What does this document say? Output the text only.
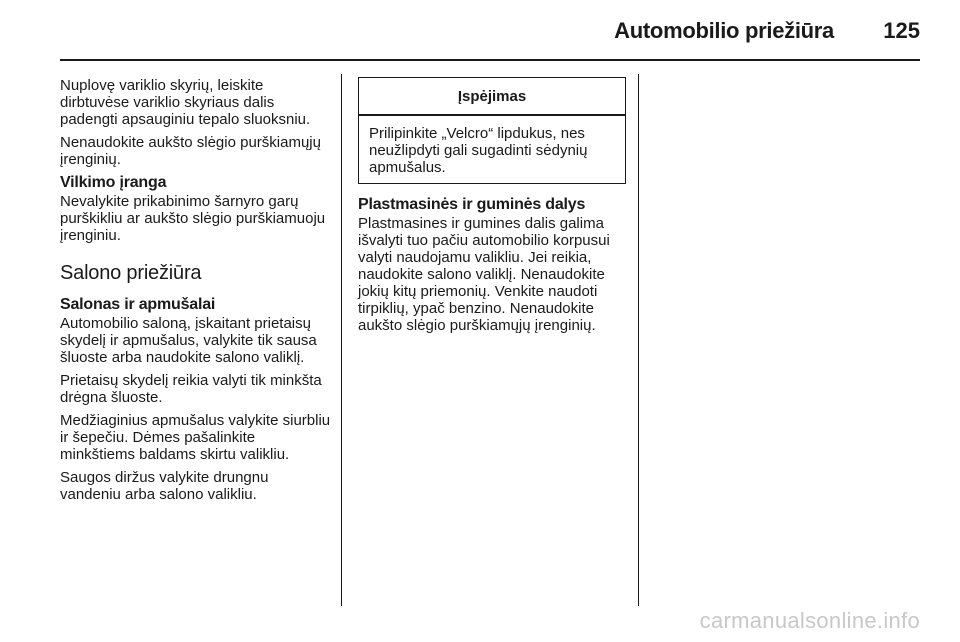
Automobilio priežiūra 125

Nuplovę variklio skyrių, leiskite dirbtuvėse variklio skyriaus dalis padengti apsauginiu tepalo sluoksniu.

Nenaudokite aukšto slėgio purškiamųjų įrenginių.

Vilkimo įranga

Nevalykite prikabinimo šarnyro garų purškikliu ar aukšto slėgio purškiamuoju įrenginiu.

Salono priežiūra
Salonas ir apmušalai

Automobilio saloną, įskaitant prietaisų skydelį ir apmušalus, valykite tik sausa šluoste arba naudokite salono valiklį.

Prietaisų skydelį reikia valyti tik minkšta drėgna šluoste.

Medžiaginius apmušalus valykite siurbliu ir šepečiu. Dėmes pašalinkite minkštiems baldams skirtu valikliu.

Saugos diržus valykite drungnu vandeniu arba salono valikliu.

Įspėjimas
Prilipinkite „Velcro“ lipdukus, nes neužlipdyti gali sugadinti sėdynių apmušalus.
Plastmasinės ir guminės dalys

Plastmasines ir gumines dalis galima išvalyti tuo pačiu automobilio korpusui valyti naudojamu valikliu. Jei reikia, naudokite salono valiklį. Nenaudokite jokių kitų priemonių. Venkite naudoti tirpiklių, ypač benzino. Nenaudokite aukšto slėgio purškiamųjų įrenginių.

carmanualsonline.info
